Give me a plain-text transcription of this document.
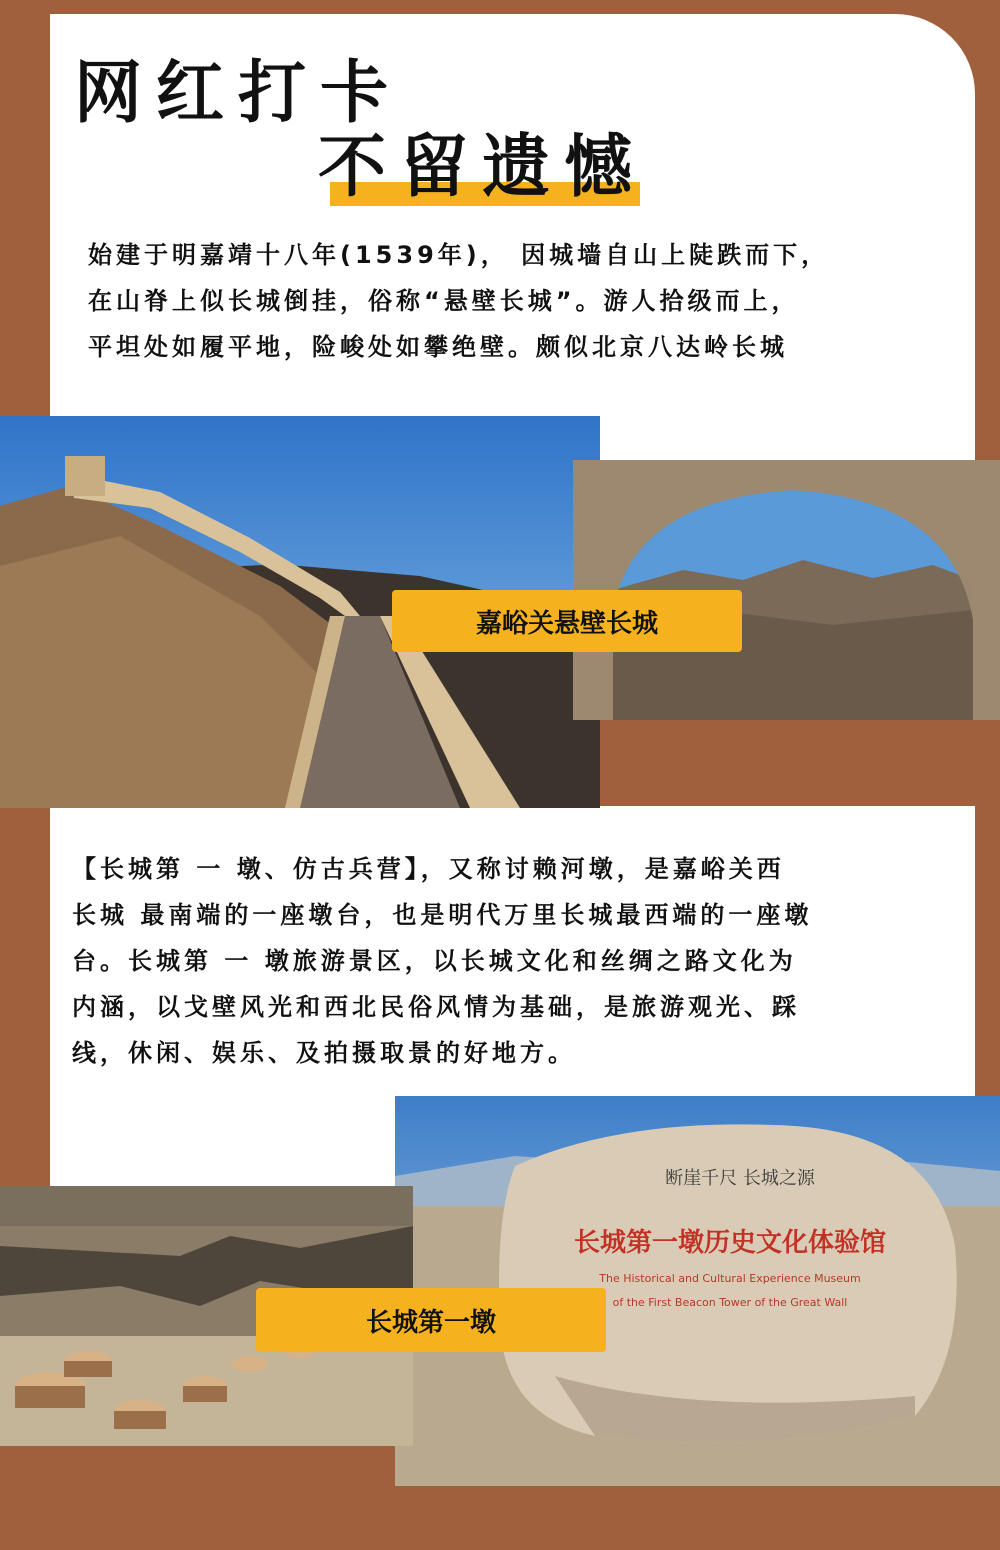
网红打卡
不留遗憾
始建于明嘉靖十八年(1539年)， 因城墙自山上陡跌而下，
在山脊上似长城倒挂，俗称“悬壁长城”。游人拾级而上，
平坦处如履平地，险峻处如攀绝壁。颇似北京八达岭长城
嘉峪关悬壁长城
【长城第 一 墩、仿古兵营】，又称讨赖河墩，是嘉峪关西
长城 最南端的一座墩台，也是明代万里长城最西端的一座墩
台。长城第 一 墩旅游景区，以长城文化和丝绸之路文化为
内涵，以戈壁风光和西北民俗风情为基础，是旅游观光、踩
线，休闲、娱乐、及拍摄取景的好地方。
断崖千尺 长城之源
长城第一墩历史文化体验馆
The Historical and Cultural Experience Museum
of the First Beacon Tower of the Great Wall
长城第一墩
